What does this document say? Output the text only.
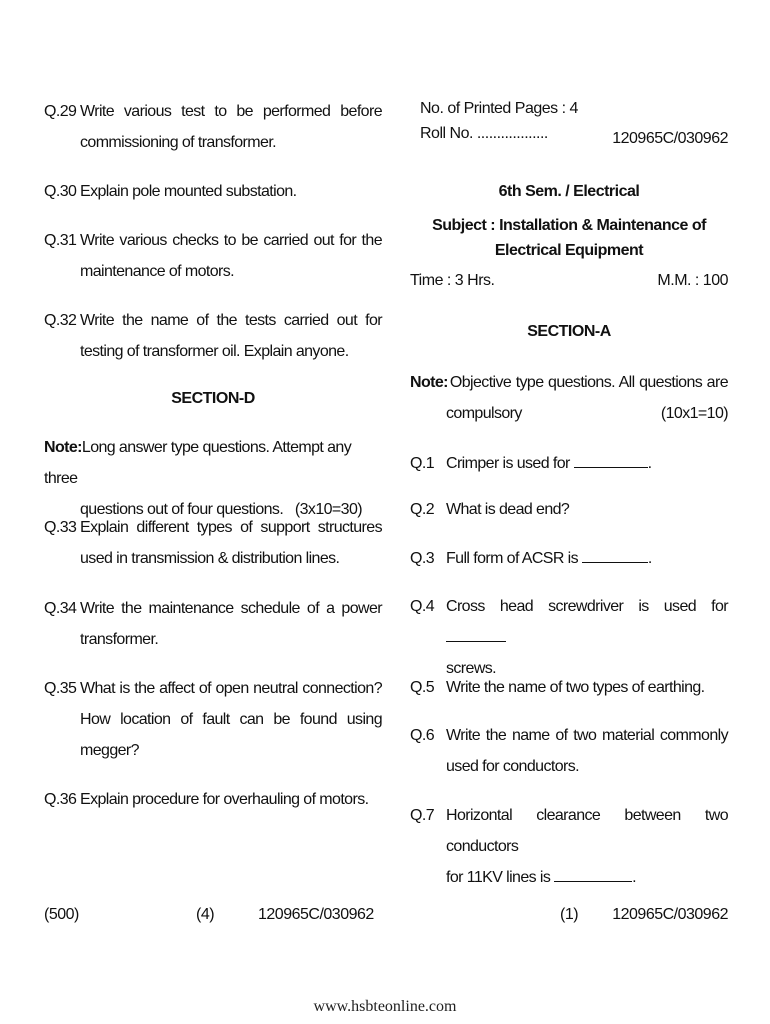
Q.29 Write various test to be performed before commissioning of transformer.
Q.30 Explain pole mounted substation.
Q.31 Write various checks to be carried out for the maintenance of motors.
Q.32 Write the name of the tests carried out for testing of transformer oil. Explain anyone.
SECTION-D
Note:Long answer type questions. Attempt any three
questions out of four questions. (3x10=30)
Q.33 Explain different types of support structures used in transmission & distribution lines.
Q.34 Write the maintenance schedule of a power transformer.
Q.35 What is the affect of open neutral connection? How location of fault can be found using megger?
Q.36 Explain procedure for overhauling of motors.
(500)	(4)	120965C/030962
No. of Printed Pages : 4
Roll No. ..................	120965C/030962
6th Sem. / Electrical
Subject : Installation & Maintenance of
Electrical Equipment
Time : 3 Hrs.	M.M. : 100
SECTION-A
Note: Objective type questions. All questions are
compulsory	(10x1=10)
Q.1 Crimper is used for	.
Q.2 What is dead end?
Q.3 Full form of ACSR is	.
Q.4 Cross head screwdriver is used for
screws.
Q.5 Write the name of two types of earthing.
Q.6 Write the name of two material commonly used for conductors.
Q.7 Horizontal clearance between two conductors
for 11KV lines is	.
(1) 120965C/030962
www.hsbteonline.com
